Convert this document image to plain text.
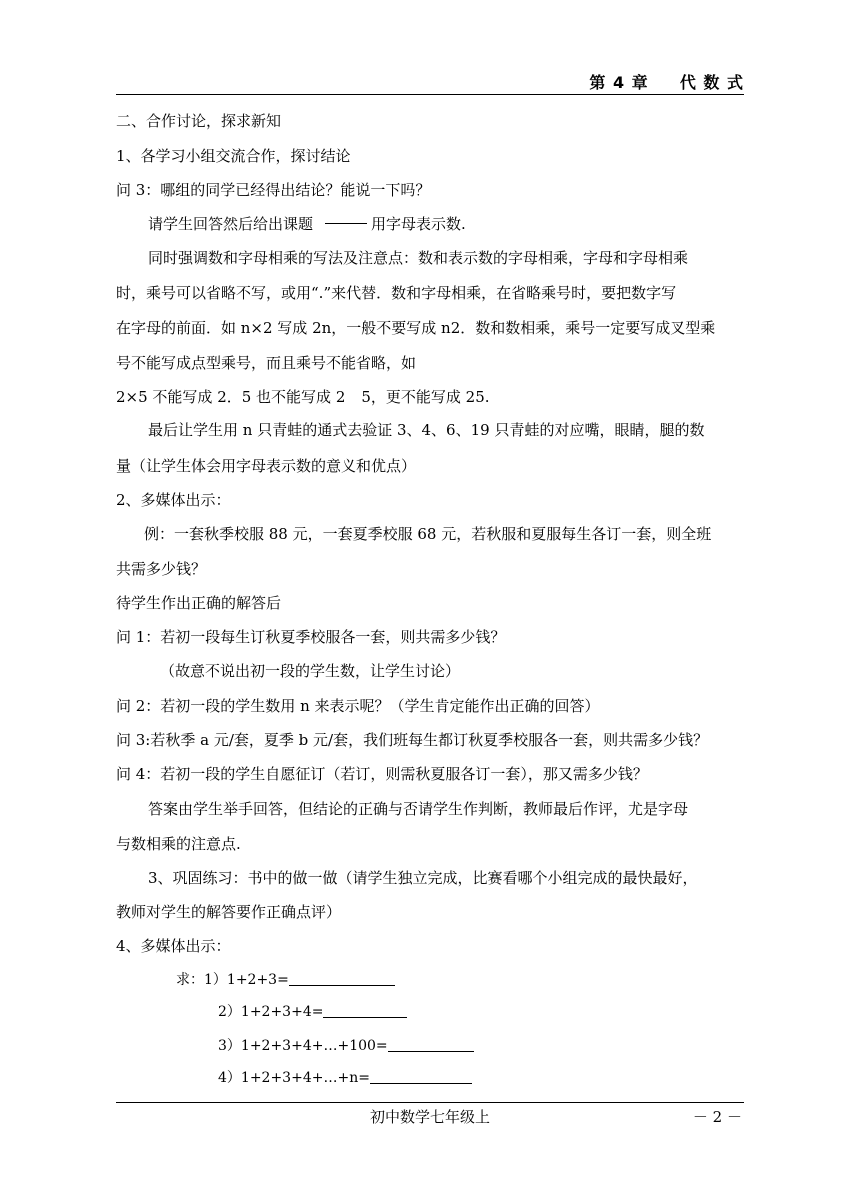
第 4 章 代 数 式
二、合作讨论，探求新知
1、各学习小组交流合作，探讨结论
问 3：哪组的同学已经得出结论？能说一下吗？
请学生回答然后给出课题	用字母表示数.
同时强调数和字母相乘的写法及注意点：数和表示数的字母相乘，字母和字母相乘
时，乘号可以省略不写，或用“.”来代替．数和字母相乘，在省略乘号时，要把数字写
在字母的前面．如 n×2 写成 2n，一般不要写成 n2．数和数相乘，乘号一定要写成叉型乘
号不能写成点型乘号，而且乘号不能省略，如
2×5 不能写成 2．5 也不能写成 2 5，更不能写成 25.
最后让学生用 n 只青蛙的通式去验证 3、4、6、19 只青蛙的对应嘴，眼睛，腿的数
量（让学生体会用字母表示数的意义和优点）
2、多媒体出示：
例：一套秋季校服 88 元，一套夏季校服 68 元，若秋服和夏服每生各订一套，则全班
共需多少钱？
待学生作出正确的解答后
问 1：若初一段每生订秋夏季校服各一套，则共需多少钱？
（故意不说出初一段的学生数，让学生讨论）
问 2：若初一段的学生数用 n 来表示呢？（学生肯定能作出正确的回答）
问 3:若秋季 a 元/套，夏季 b 元/套，我们班每生都订秋夏季校服各一套，则共需多少钱？
问 4：若初一段的学生自愿征订（若订，则需秋夏服各订一套），那又需多少钱？
答案由学生举手回答，但结论的正确与否请学生作判断，教师最后作评，尤是字母
与数相乘的注意点.
3、巩固练习：书中的做一做（请学生独立完成，比赛看哪个小组完成的最快最好，
教师对学生的解答要作正确点评）
4、多媒体出示：
求：1）1+2+3=
2）1+2+3+4=
3）1+2+3+4+…+100=
4）1+2+3+4+…+n=
初中数学七年级上	－ 2 －
